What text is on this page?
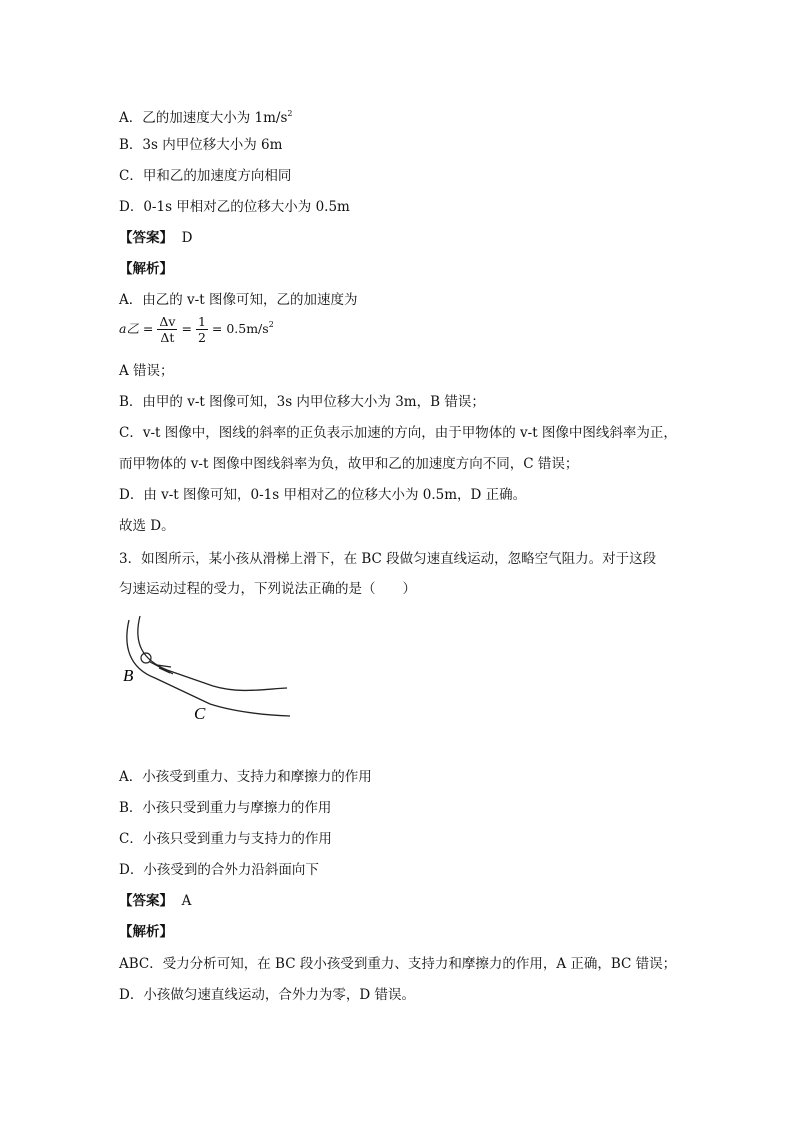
A．乙的加速度大小为 $1m/s^2$
B．3s 内甲位移大小为 6m
C．甲和乙的加速度方向相同
D．0-1s 甲相对乙的位移大小为 0.5m
【答案】 D
【解析】
A．由乙的 v-t 图像可知，乙的加速度为
a乙 = $\frac{\Delta v}{\Delta t} = \frac{1}{2} = 0.5m/s^2$
A 错误；
B．由甲的 v-t 图像可知，3s 内甲位移大小为 3m，B 错误；
C．v-t 图像中，图线的斜率的正负表示加速的方向，由于甲物体的 v-t 图像中图线斜率为正，
而甲物体的 v-t 图像中图线斜率为负，故甲和乙的加速度方向不同，C 错误；
D．由 v-t 图像可知，0-1s 甲相对乙的位移大小为 0.5m，D 正确。
故选 D。
3．如图所示，某小孩从滑梯上滑下，在 BC 段做匀速直线运动，忽略空气阻力。对于这段
匀速运动过程的受力，下列说法正确的是（　　）
B
C
A．小孩受到重力、支持力和摩擦力的作用
B．小孩只受到重力与摩擦力的作用
C．小孩只受到重力与支持力的作用
D．小孩受到的合外力沿斜面向下
【答案】 A
【解析】
ABC．受力分析可知，在 BC 段小孩受到重力、支持力和摩擦力的作用，A 正确，BC 错误；
D．小孩做匀速直线运动，合外力为零，D 错误。
